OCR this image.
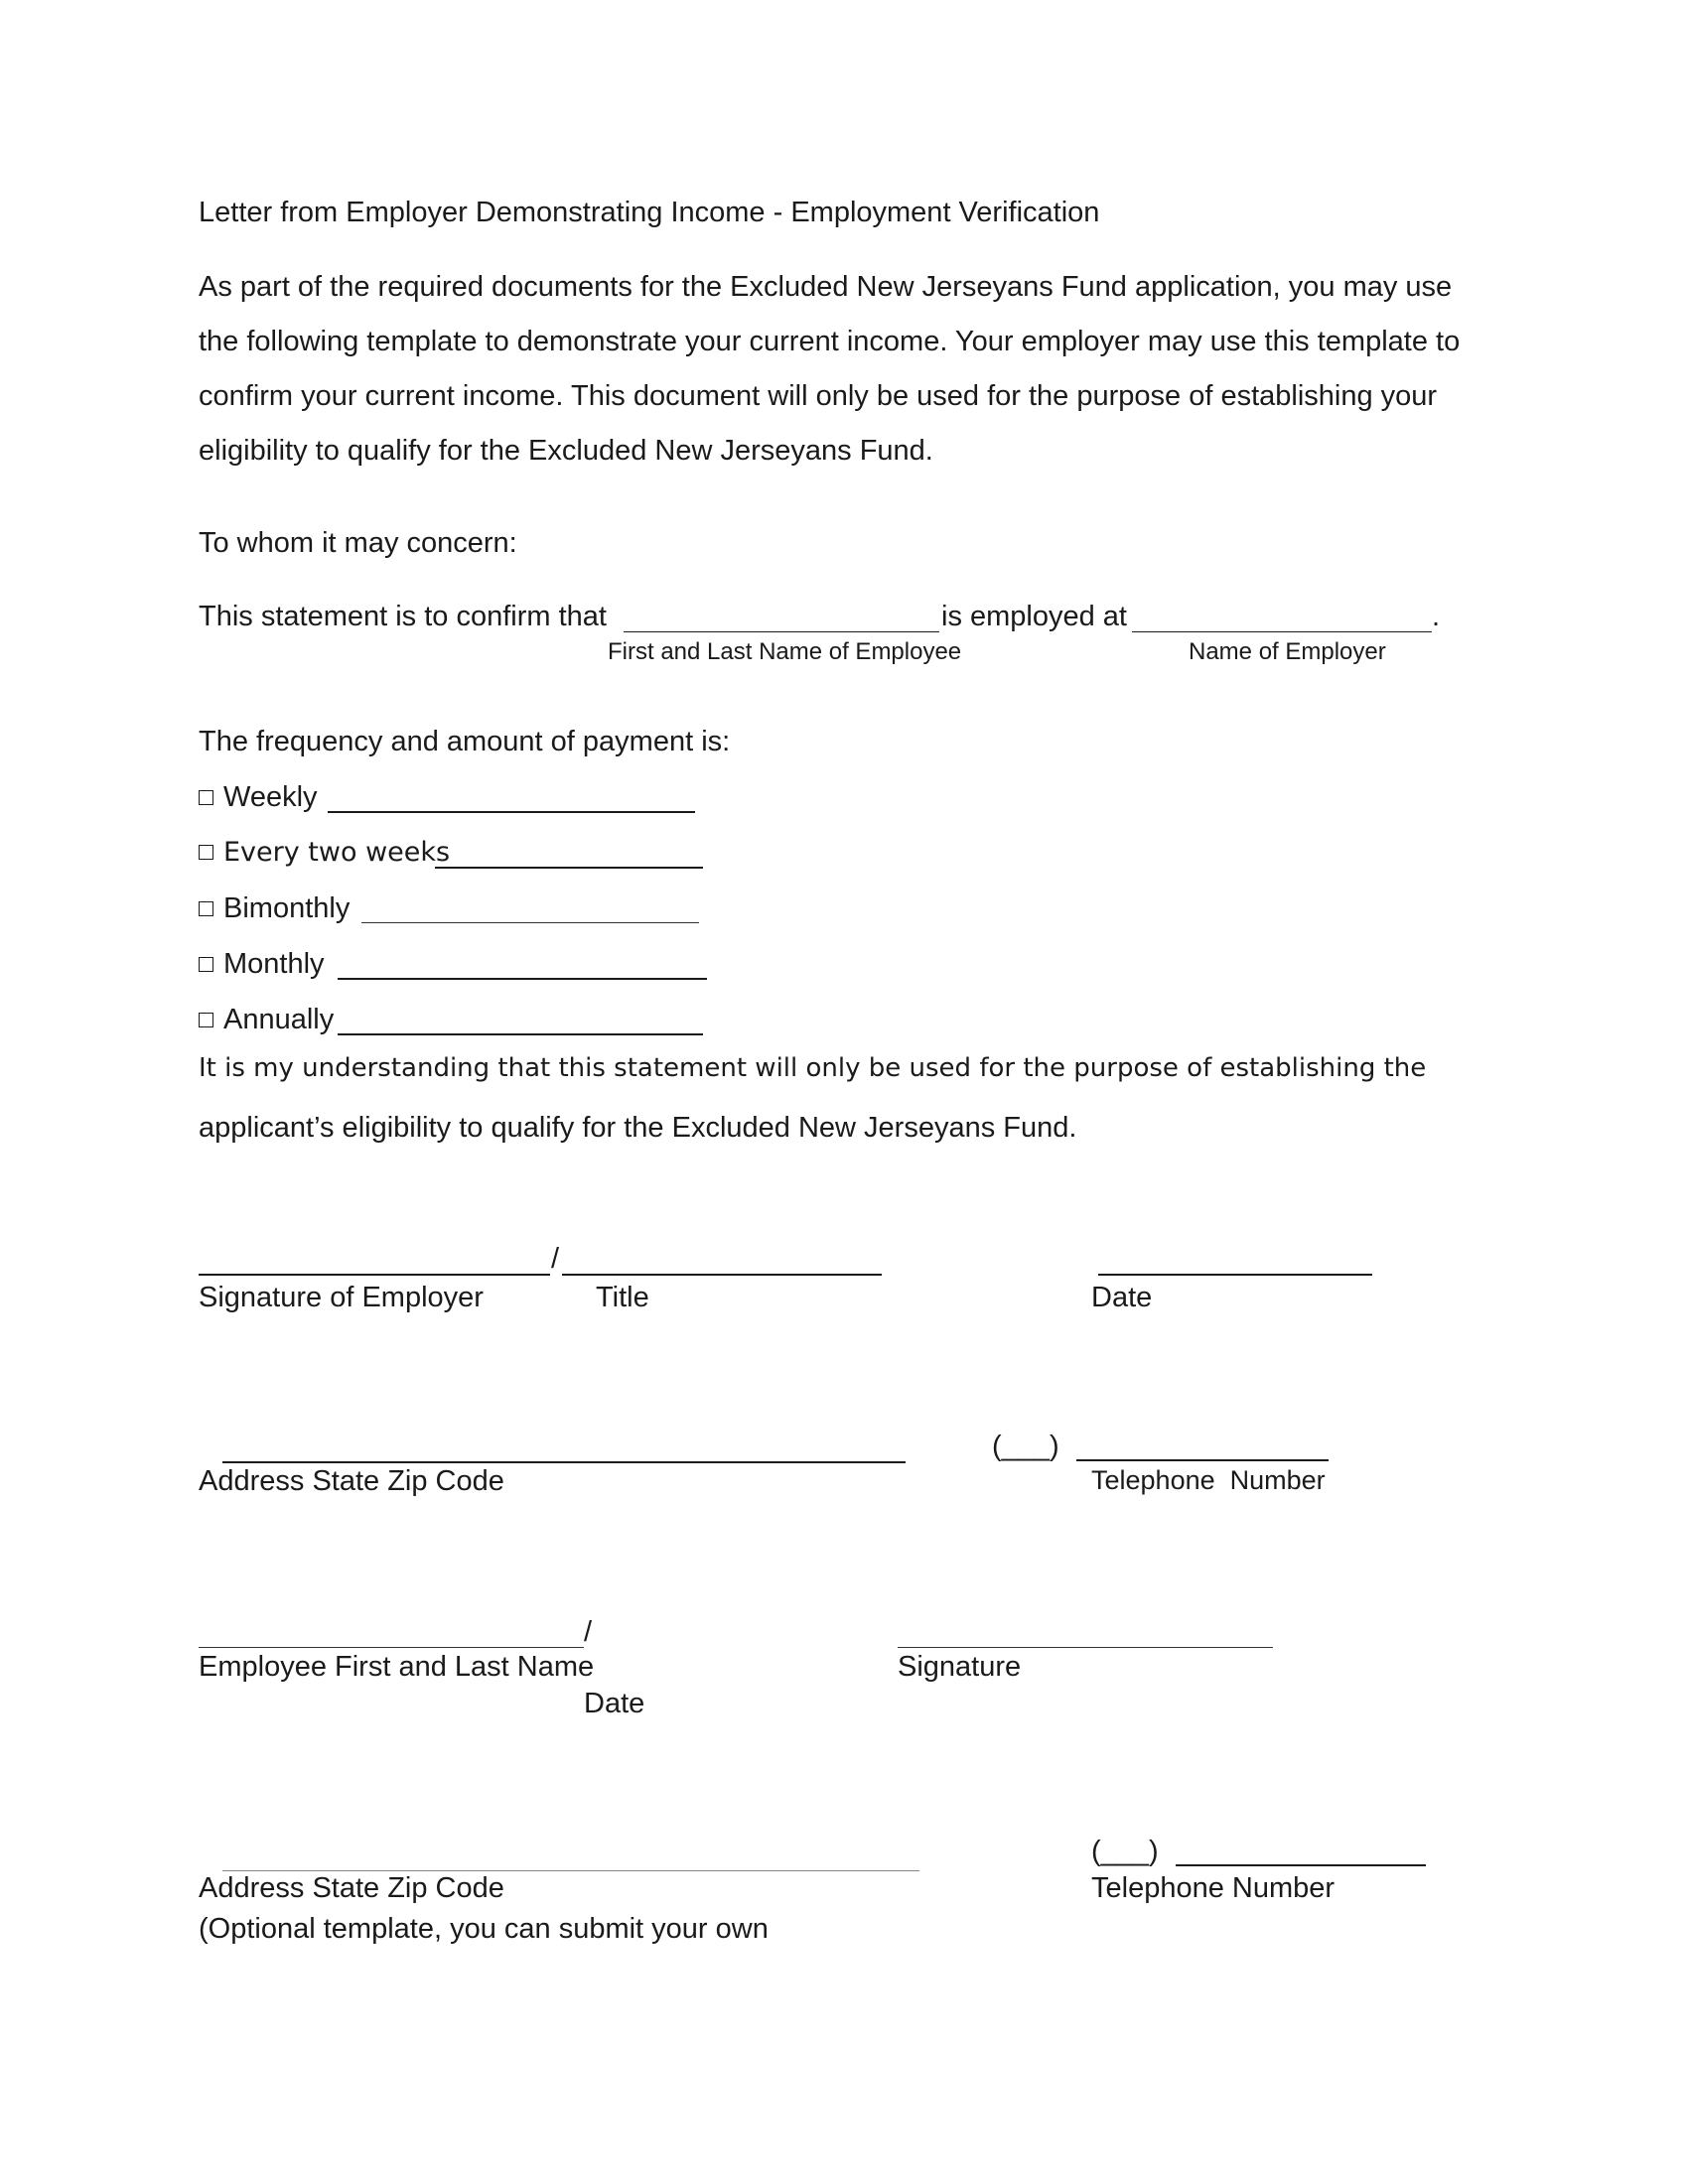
Letter from Employer Demonstrating Income - Employment Verification
As part of the required documents for the Excluded New Jerseyans Fund application, you may use
the following template to demonstrate your current income. Your employer may use this template to
confirm your current income. This document will only be used for the purpose of establishing your
eligibility to qualify for the Excluded New Jerseyans Fund.
To whom it may concern:
This statement is to confirm that	is employed at	.
First and Last Name of Employee	Name of Employer
The frequency and amount of payment is:
Weekly
Every two weeks
Bimonthly
Monthly
Annually
It is my understanding that this statement will only be used for the purpose of establishing the
applicant’s eligibility to qualify for the Excluded New Jerseyans Fund.
/
Signature of Employer	Title	Date
(___)
Address State Zip Code	Telephone  Number
/
Employee First and Last Name	Signature
Date
(___)
Address State Zip Code	Telephone Number
(Optional template, you can submit your own
